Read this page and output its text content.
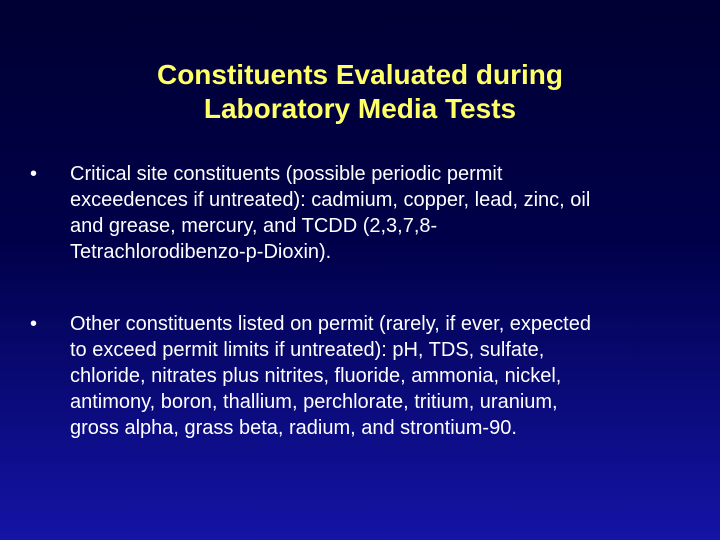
Constituents Evaluated during
Laboratory Media Tests
•	Critical site constituents (possible periodic permit
exceedences if untreated): cadmium, copper, lead, zinc, oil
and grease, mercury, and TCDD (2,3,7,8-
Tetrachlorodibenzo-p-Dioxin).
•	Other constituents listed on permit (rarely, if ever, expected
to exceed permit limits if untreated): pH, TDS, sulfate,
chloride, nitrates plus nitrites, fluoride, ammonia, nickel,
antimony, boron, thallium, perchlorate, tritium, uranium,
gross alpha, grass beta, radium, and strontium-90.
